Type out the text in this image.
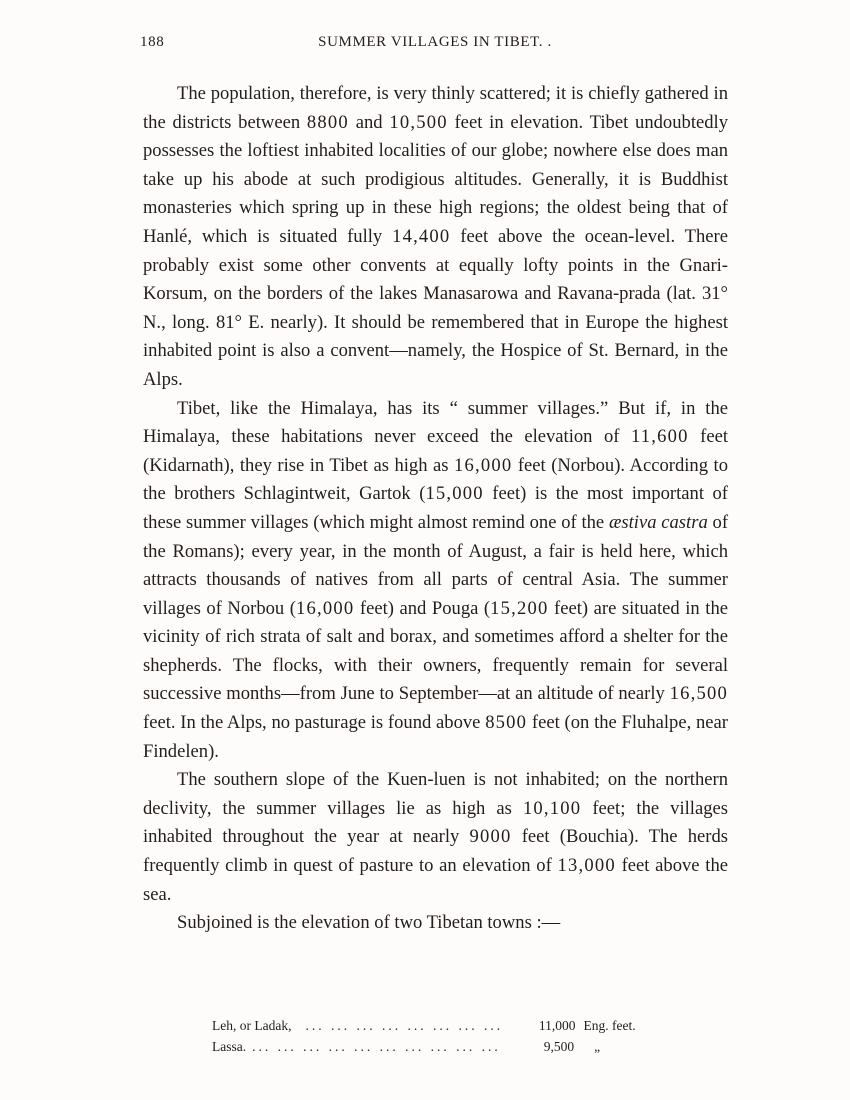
188	SUMMER VILLAGES IN TIBET. .

The population, therefore, is very thinly scattered; it is chiefly gathered in the districts between 8800 and 10,500 feet in elevation. Tibet undoubtedly possesses the loftiest inhabited localities of our globe; nowhere else does man take up his abode at such prodigious altitudes. Generally, it is Buddhist monasteries which spring up in these high regions; the oldest being that of Hanlé, which is situated fully 14,400 feet above the ocean-level. There probably exist some other convents at equally lofty points in the Gnari-Korsum, on the borders of the lakes Manasarowa and Ravana-prada (lat. 31° N., long. 81° E. nearly). It should be remembered that in Europe the highest inhabited point is also a convent—namely, the Hospice of St. Bernard, in the Alps.

Tibet, like the Himalaya, has its “ summer villages.” But if, in the Himalaya, these habitations never exceed the elevation of 11,600 feet (Kidarnath), they rise in Tibet as high as 16,000 feet (Norbou). According to the brothers Schlagintweit, Gartok (15,000 feet) is the most important of these summer villages (which might almost remind one of the æstiva castra of the Romans); every year, in the month of August, a fair is held here, which attracts thousands of natives from all parts of central Asia. The summer villages of Norbou (16,000 feet) and Pouga (15,200 feet) are situated in the vicinity of rich strata of salt and borax, and sometimes afford a shelter for the shepherds. The flocks, with their owners, frequently remain for several successive months—from June to September—at an altitude of nearly 16,500 feet. In the Alps, no pasturage is found above 8500 feet (on the Fluhalpe, near Findelen).

The southern slope of the Kuen-luen is not inhabited; on the northern declivity, the summer villages lie as high as 10,100 feet; the villages inhabited throughout the year at nearly 9000 feet (Bouchia). The herds frequently climb in quest of pasture to an elevation of 13,000 feet above the sea.

Subjoined is the elevation of two Tibetan towns :—

Leh, or Ladak, ... ... ... ... ... ... ... ...	11,000 Eng. feet.
Lassa. ... ... ... ... ... ... ... ... ... ...	9,500 „
